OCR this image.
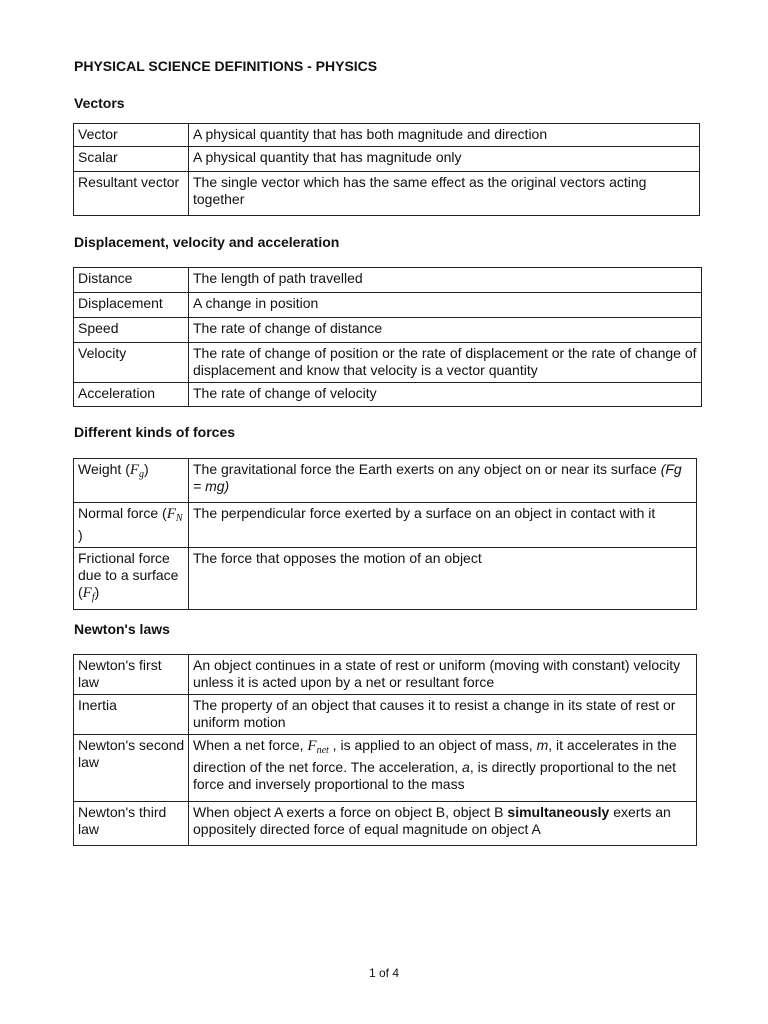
PHYSICAL SCIENCE DEFINITIONS - PHYSICS
Vectors
Vector	A physical quantity that has both magnitude and direction
Scalar	A physical quantity that has magnitude only
Resultant vector	The single vector which has the same effect as the original vectors acting together
Displacement, velocity and acceleration
Distance	The length of path travelled
Displacement	A change in position
Speed	The rate of change of distance
Velocity	The rate of change of position or the rate of displacement or the rate of change of displacement and know that velocity is a vector quantity
Acceleration	The rate of change of velocity
Different kinds of forces
Weight $(F_g)$	The gravitational force the Earth exerts on any object on or near its surface (Fg = mg)
Normal force ($F_N$ )	The perpendicular force exerted by a surface on an object in contact with it
Frictional force due to a surface $(F_f)$	The force that opposes the motion of an object
Newton's laws
Newton's first law	An object continues in a state of rest or uniform (moving with constant) velocity unless it is acted upon by a net or resultant force
Inertia	The property of an object that causes it to resist a change in its state of rest or uniform motion
Newton's second law	When a net force, $F_{net}$ , is applied to an object of mass, m, it accelerates in the direction of the net force. The acceleration, a, is directly proportional to the net force and inversely proportional to the mass
Newton's third law	When object A exerts a force on object B, object B simultaneously exerts an oppositely directed force of equal magnitude on object A
1 of 4
